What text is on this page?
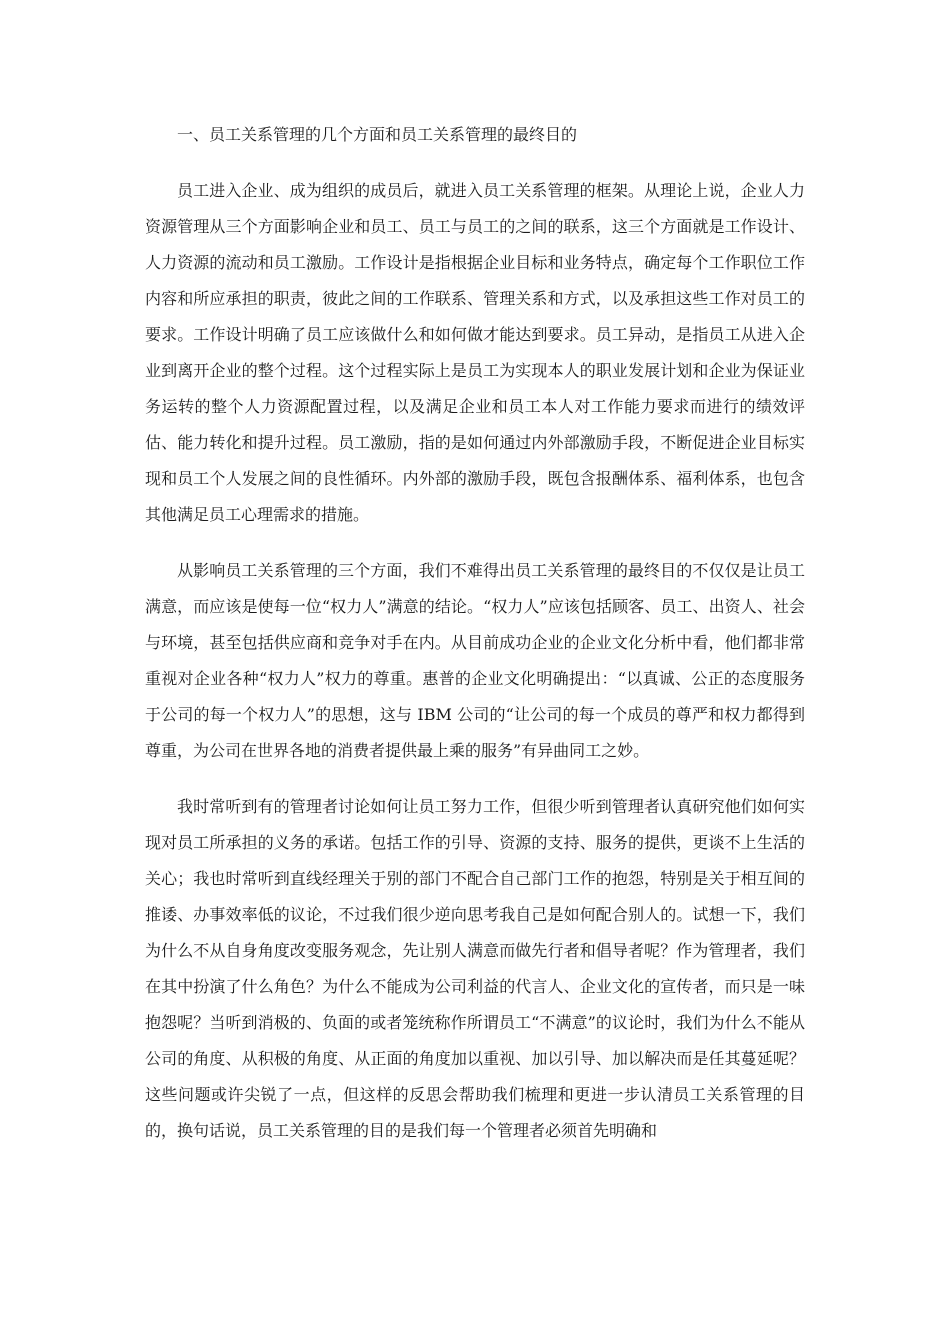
一、员工关系管理的几个方面和员工关系管理的最终目的

员工进入企业、成为组织的成员后，就进入员工关系管理的框架。从理论上说，企业人力资源管理从三个方面影响企业和员工、员工与员工的之间的联系，这三个方面就是工作设计、人力资源的流动和员工激励。工作设计是指根据企业目标和业务特点，确定每个工作职位工作内容和所应承担的职责，彼此之间的工作联系、管理关系和方式，以及承担这些工作对员工的要求。工作设计明确了员工应该做什么和如何做才能达到要求。员工异动，是指员工从进入企业到离开企业的整个过程。这个过程实际上是员工为实现本人的职业发展计划和企业为保证业务运转的整个人力资源配置过程，以及满足企业和员工本人对工作能力要求而进行的绩效评估、能力转化和提升过程。员工激励，指的是如何通过内外部激励手段，不断促进企业目标实现和员工个人发展之间的良性循环。内外部的激励手段，既包含报酬体系、福利体系，也包含其他满足员工心理需求的措施。

从影响员工关系管理的三个方面，我们不难得出员工关系管理的最终目的不仅仅是让员工满意，而应该是使每一位“权力人”满意的结论。“权力人”应该包括顾客、员工、出资人、社会与环境，甚至包括供应商和竞争对手在内。从目前成功企业的企业文化分析中看，他们都非常重视对企业各种“权力人”权力的尊重。惠普的企业文化明确提出：“以真诚、公正的态度服务于公司的每一个权力人”的思想，这与 IBM 公司的“让公司的每一个成员的尊严和权力都得到尊重，为公司在世界各地的消费者提供最上乘的服务”有异曲同工之妙。

我时常听到有的管理者讨论如何让员工努力工作，但很少听到管理者认真研究他们如何实现对员工所承担的义务的承诺。包括工作的引导、资源的支持、服务的提供，更谈不上生活的关心；我也时常听到直线经理关于别的部门不配合自己部门工作的抱怨，特别是关于相互间的推诿、办事效率低的议论，不过我们很少逆向思考我自己是如何配合别人的。试想一下，我们为什么不从自身角度改变服务观念，先让别人满意而做先行者和倡导者呢？作为管理者，我们在其中扮演了什么角色？为什么不能成为公司利益的代言人、企业文化的宣传者，而只是一味抱怨呢？当听到消极的、负面的或者笼统称作所谓员工“不满意”的议论时，我们为什么不能从公司的角度、从积极的角度、从正面的角度加以重视、加以引导、加以解决而是任其蔓延呢？这些问题或许尖锐了一点，但这样的反思会帮助我们梳理和更进一步认清员工关系管理的目的，换句话说，员工关系管理的目的是我们每一个管理者必须首先明确和
